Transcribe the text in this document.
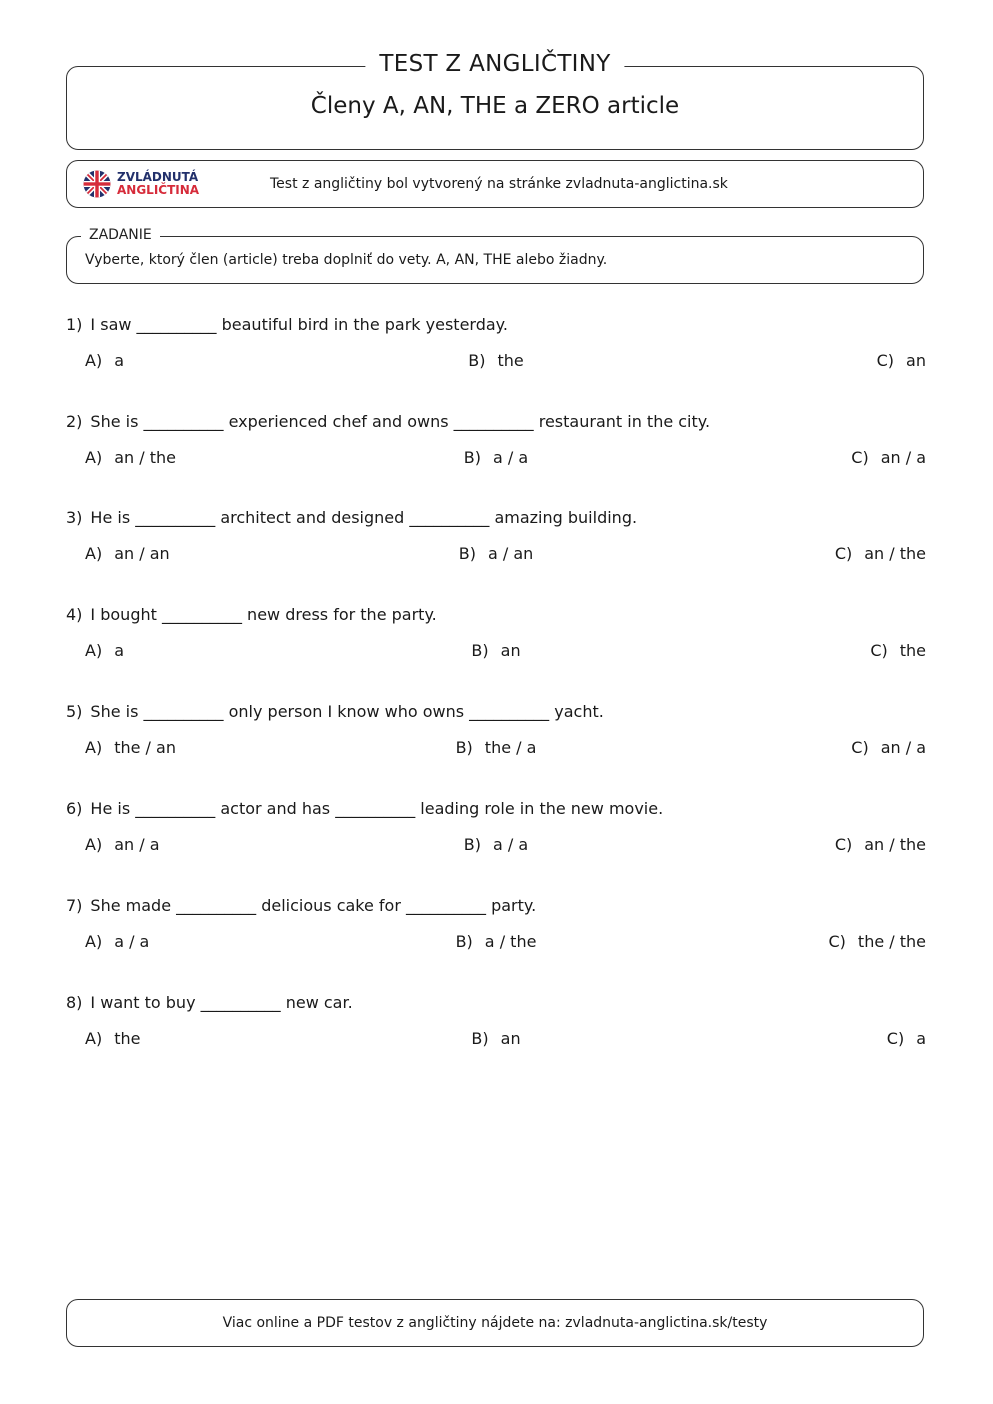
TEST Z ANGLIČTINY
Členy A, AN, THE a ZERO article
ZVLÁDNUTÁ
ANGLIČTINA	Test z angličtiny bol vytvorený na stránke zvladnuta-anglictina.sk
ZADANIE
Vyberte, ktorý člen (article) treba doplniť do vety. A, AN, THE alebo žiadny.
1) I saw __________ beautiful bird in the park yesterday.
A) a	B) the	C) an
2) She is __________ experienced chef and owns __________ restaurant in the city.
A) an / the	B) a / a	C) an / a
3) He is __________ architect and designed __________ amazing building.
A) an / an	B) a / an	C) an / the
4) I bought __________ new dress for the party.
A) a	B) an	C) the
5) She is __________ only person I know who owns __________ yacht.
A) the / an	B) the / a	C) an / a
6) He is __________ actor and has __________ leading role in the new movie.
A) an / a	B) a / a	C) an / the
7) She made __________ delicious cake for __________ party.
A) a / a	B) a / the	C) the / the
8) I want to buy __________ new car.
A) the	B) an	C) a
Viac online a PDF testov z angličtiny nájdete na: zvladnuta-anglictina.sk/testy
